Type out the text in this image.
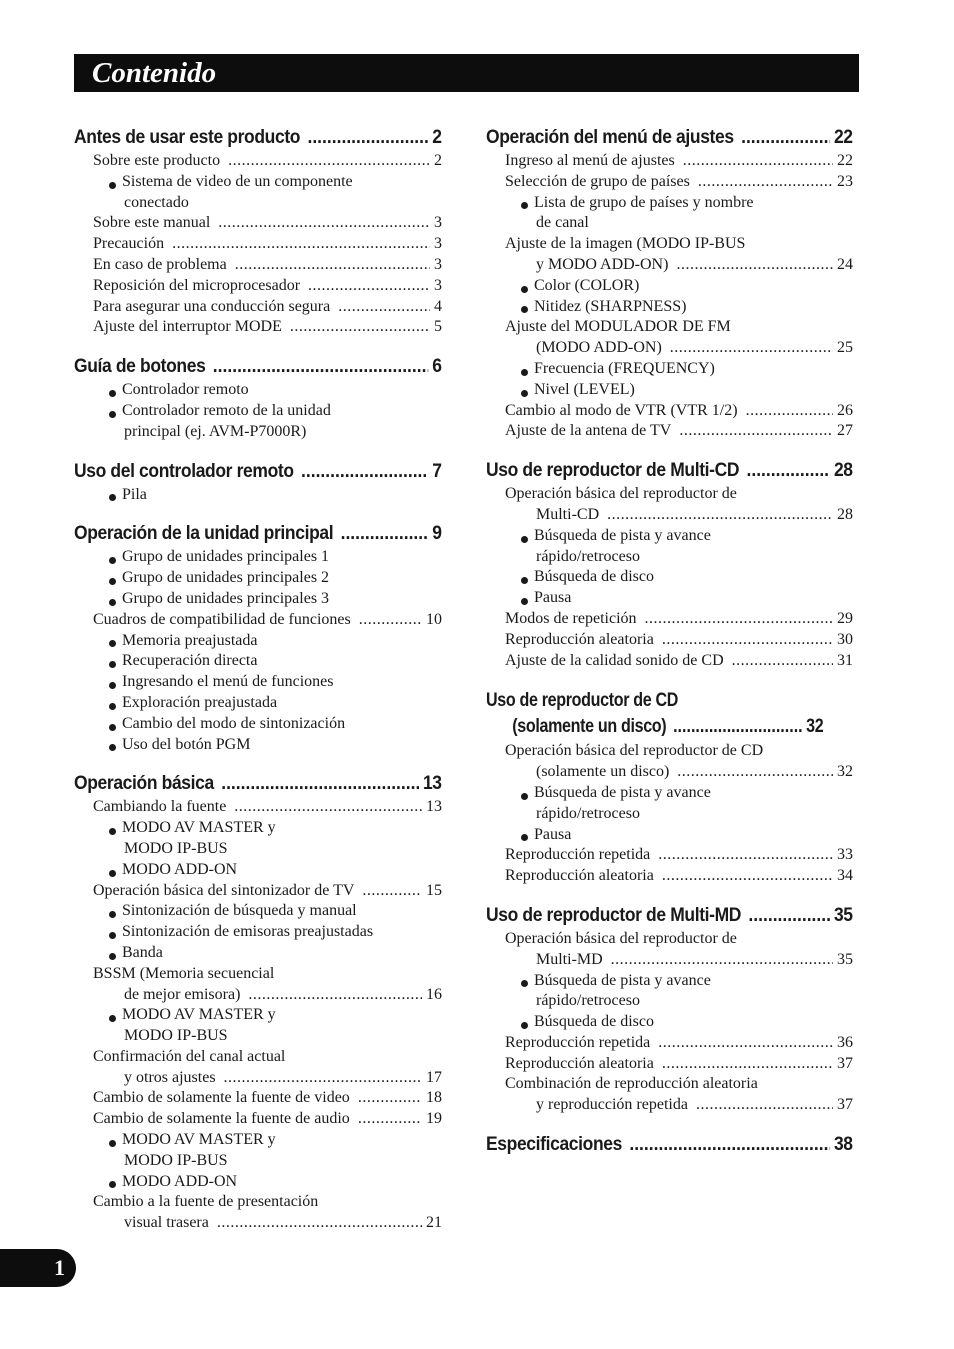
Contenido
Antes de usar este producto .....	2
Sobre este producto .....	2
Sistema de video de un componente
conectado
Sobre este manual .....	3
Precaución .....	3
En caso de problema .....	3
Reposición del microprocesador .....	3
Para asegurar una conducción segura .....	4
Ajuste del interruptor MODE .....	5
Guía de botones .....	6
Controlador remoto
Controlador remoto de la unidad
principal (ej. AVM-P7000R)
Uso del controlador remoto .....	7
Pila
Operación de la unidad principal .....	9
Grupo de unidades principales 1
Grupo de unidades principales 2
Grupo de unidades principales 3
Cuadros de compatibilidad de funciones .....	10
Memoria preajustada
Recuperación directa
Ingresando el menú de funciones
Exploración preajustada
Cambio del modo de sintonización
Uso del botón PGM
Operación básica .....	13
Cambiando la fuente .....	13
MODO AV MASTER y
MODO IP-BUS
MODO ADD-ON
Operación básica del sintonizador de TV .....	15
Sintonización de búsqueda y manual
Sintonización de emisoras preajustadas
Banda
BSSM (Memoria secuencial
de mejor emisora) .....	16
MODO AV MASTER y
MODO IP-BUS
Confirmación del canal actual
y otros ajustes .....	17
Cambio de solamente la fuente de video .....	18
Cambio de solamente la fuente de audio .....	19
MODO AV MASTER y
MODO IP-BUS
MODO ADD-ON
Cambio a la fuente de presentación
visual trasera .....	21
Operación del menú de ajustes .....	22
Ingreso al menú de ajustes .....	22
Selección de grupo de países .....	23
Lista de grupo de países y nombre
de canal
Ajuste de la imagen (MODO IP-BUS
y MODO ADD-ON) .....	24
Color (COLOR)
Nitidez (SHARPNESS)
Ajuste del MODULADOR DE FM
(MODO ADD-ON) .....	25
Frecuencia (FREQUENCY)
Nivel (LEVEL)
Cambio al modo de VTR (VTR 1/2) .....	26
Ajuste de la antena de TV .....	27
Uso de reproductor de Multi-CD .....	28
Operación básica del reproductor de
Multi-CD .....	28
Búsqueda de pista y avance
rápido/retroceso
Búsqueda de disco
Pausa
Modos de repetición .....	29
Reproducción aleatoria .....	30
Ajuste de la calidad sonido de CD .....	31
Uso de reproductor de CD
(solamente un disco) .....	32
Operación básica del reproductor de CD
(solamente un disco) .....	32
Búsqueda de pista y avance
rápido/retroceso
Pausa
Reproducción repetida .....	33
Reproducción aleatoria .....	34
Uso de reproductor de Multi-MD .....	35
Operación básica del reproductor de
Multi-MD .....	35
Búsqueda de pista y avance
rápido/retroceso
Búsqueda de disco
Reproducción repetida .....	36
Reproducción aleatoria .....	37
Combinación de reproducción aleatoria
y reproducción repetida .....	37
Especificaciones .....	38
1
